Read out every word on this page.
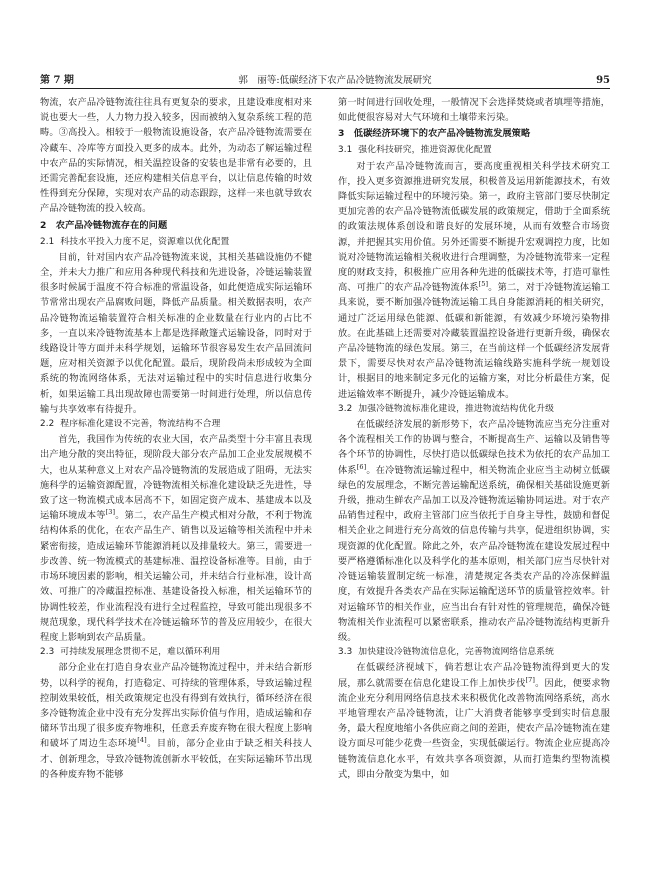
第 7 期	郭　丽等:低碳经济下农产品冷链物流发展研究	95

物流，农产品冷链物流往往具有更复杂的要求，且建设难度相对来说也要大一些，人力物力投入较多，因而被纳入复杂系统工程的范畴。③高投入。相较于一般物流设施设备，农产品冷链物流需要在冷藏车、冷库等方面投入更多的成本。此外，为动态了解运输过程中农产品的实际情况，相关温控设备的安装也是非常有必要的，且还需完善配套设施，还应构建相关信息平台，以让信息传输的时效性得到充分保障，实现对农产品的动态跟踪，这样一来也就导致农产品冷链物流的投入较高。

2　农产品冷链物流存在的问题
2.1 科技水平投入力度不足，资源难以优化配置

目前，针对国内农产品冷链物流来说，其相关基础设施仍不健全，并未大力推广和应用各种现代科技和先进设备，冷链运输装置很多时候属于温度不符合标准的常温设备，如此便造成实际运输环节常常出现农产品腐败问题，降低产品质量。相关数据表明，农产品冷链物流运输装置符合相关标准的企业数量在行业内的占比不多，一直以来冷链物流基本上都是选择敞篷式运输设备，同时对于线路设计等方面并未科学规划，运输环节很容易发生农产品回流问题，应对相关资源予以优化配置。最后，现阶段尚未形成较为全面系统的物流网络体系，无法对运输过程中的实时信息进行收集分析，如果运输工具出现故障也需要第一时间进行处理，所以信息传输与共享效率有待提升。

2.2 程序标准化建设不完善，物流结构不合理

首先，我国作为传统的农业大国，农产品类型十分丰富且表现出产地分散的突出特征，现阶段大部分农产品加工企业发展规模不大，也从某种意义上对农产品冷链物流的发展造成了阻碍，无法实施科学的运输资源配置，冷链物流相关标准化建设缺乏先进性，导致了这一物流模式成本居高不下，如固定资产成本、基建成本以及运输环境成本等[3]。第二，农产品生产模式相对分散，不利于物流结构体系的优化，在农产品生产、销售以及运输等相关流程中并未紧密衔接，造成运输环节能源消耗以及排量较大。第三，需要进一步改善、统一物流模式的基建标准、温控设备标准等。目前，由于市场环境因素的影响，相关运输公司，并未结合行业标准，设计高效、可推广的冷藏温控标准、基建设备投入标准，相关运输环节的协调性较差，作业流程没有进行全过程监控，导致可能出现很多不规范现象，现代科学技术在冷链运输环节的普及应用较少，在很大程度上影响到农产品质量。

2.3 可持续发展理念贯彻不足，难以循环利用

部分企业在打造自身农业产品冷链物流过程中，并未结合新形势，以科学的视角，打造稳定、可持续的管理体系，导致运输过程控制效果较低，相关政策规定也没有得到有效执行，循环经济在很多冷链物流企业中没有充分发挥出实际价值与作用，造成运输和存储环节出现了很多废弃物堆积，任意丢弃废弃物在很大程度上影响和破坏了周边生态环境[4]。目前，部分企业由于缺乏相关科技人才、创新理念，导致冷链物流创新水平较低，在实际运输环节出现的各种废弃物不能够

第一时间进行回收处理，一般情况下会选择焚烧或者填埋等措施，如此便很容易对大气环境和土壤带来污染。

3　低碳经济环境下的农产品冷链物流发展策略
3.1 强化科技研究，推进资源优化配置

对于农产品冷链物流而言，要高度重视相关科学技术研究工作，投入更多资源推进研究发展，积极普及运用新能源技术，有效降低实际运输过程中的环境污染。第一，政府主管部门要尽快制定更加完善的农产品冷链物流低碳发展的政策规定，借助于全面系统的政策法规体系创设和谐良好的发展环境，从而有效整合市场资源，并把握其实用价值。另外还需要不断提升宏观调控力度，比如说对冷链物流运输相关税收进行合理调整，为冷链物流带来一定程度的财政支持，积极推广应用各种先进的低碳技术等，打造可靠性高、可推广的农产品冷链物流体系[5]。第二，对于冷链物流运输工具来说，要不断加强冷链物流运输工具自身能源消耗的相关研究，通过广泛运用绿色能源、低碳和新能源，有效减少环境污染物排放。在此基础上还需要对冷藏装置温控设备进行更新升级，确保农产品冷链物流的绿色发展。第三，在当前这样一个低碳经济发展背景下，需要尽快对农产品冷链物流运输线路实施科学统一规划设计，根据目的地来制定多元化的运输方案，对比分析最佳方案，促进运输效率不断提升，减少冷链运输成本。

3.2 加强冷链物流标准化建设，推进物流结构优化升级

在低碳经济发展的新形势下，农产品冷链物流应当充分注重对各个流程相关工作的协调与整合，不断提高生产、运输以及销售等各个环节的协调性，尽快打造以低碳绿色技术为依托的农产品加工体系[6]。在冷链物流运输过程中，相关物流企业应当主动树立低碳绿色的发展理念，不断完善运输配送系统，确保相关基础设施更新升级，推动生鲜农产品加工以及冷链物流运输协同运进。对于农产品销售过程中，政府主管部门应当依托于自身主导性，鼓励和督促相关企业之间进行充分高效的信息传输与共享，促进组织协调，实现资源的优化配置。除此之外，农产品冷链物流在建设发展过程中要严格遵循标准化以及科学化的基本原则，相关部门应当尽快针对冷链运输装置制定统一标准，清楚规定各类农产品的冷冻保鲜温度，有效提升各类农产品在实际运输配送环节的质量管控效率。针对运输环节的相关作业，应当出台有针对性的管理规范，确保冷链物流相关作业流程可以紧密联系，推动农产品冷链物流结构更新升级。

3.3 加快建设冷链物流信息化，完善物流网络信息系统

在低碳经济视域下，倘若想让农产品冷链物流得到更大的发展，那么就需要在信息化建设工作上加快步伐[7]。因此，便要求物流企业充分利用网络信息技术来积极优化改善物流网络系统，高水平地管理农产品冷链物流，让广大消费者能够享受到实时信息服务，最大程度地缩小各供应商之间的差距，使农产品冷链物流在建设方面尽可能少花费一些资金，实现低碳运行。物流企业应提高冷链物流信息化水平，有效共享各项资源，从而打造集约型物流模式，即由分散变为集中，如
